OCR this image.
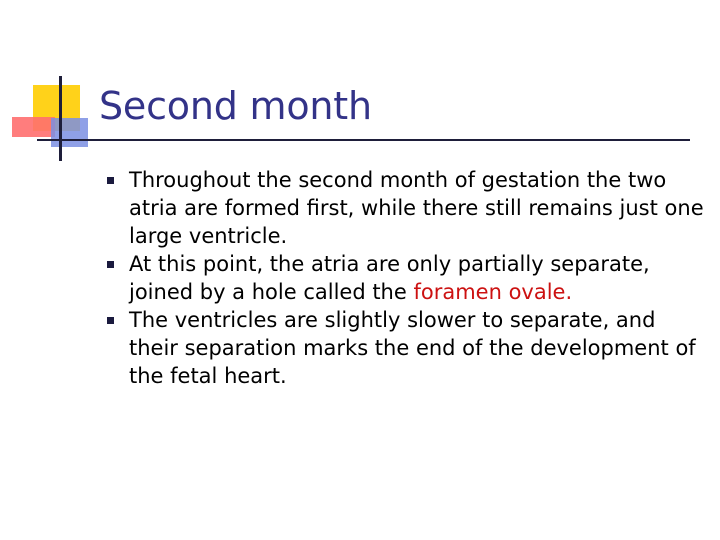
Second month
Throughout the second month of gestation the two atria are formed first, while there still remains just one large ventricle.
At this point, the atria are only partially separate, joined by a hole called the foramen ovale.
The ventricles are slightly slower to separate, and their separation marks the end of the development of the fetal heart.
